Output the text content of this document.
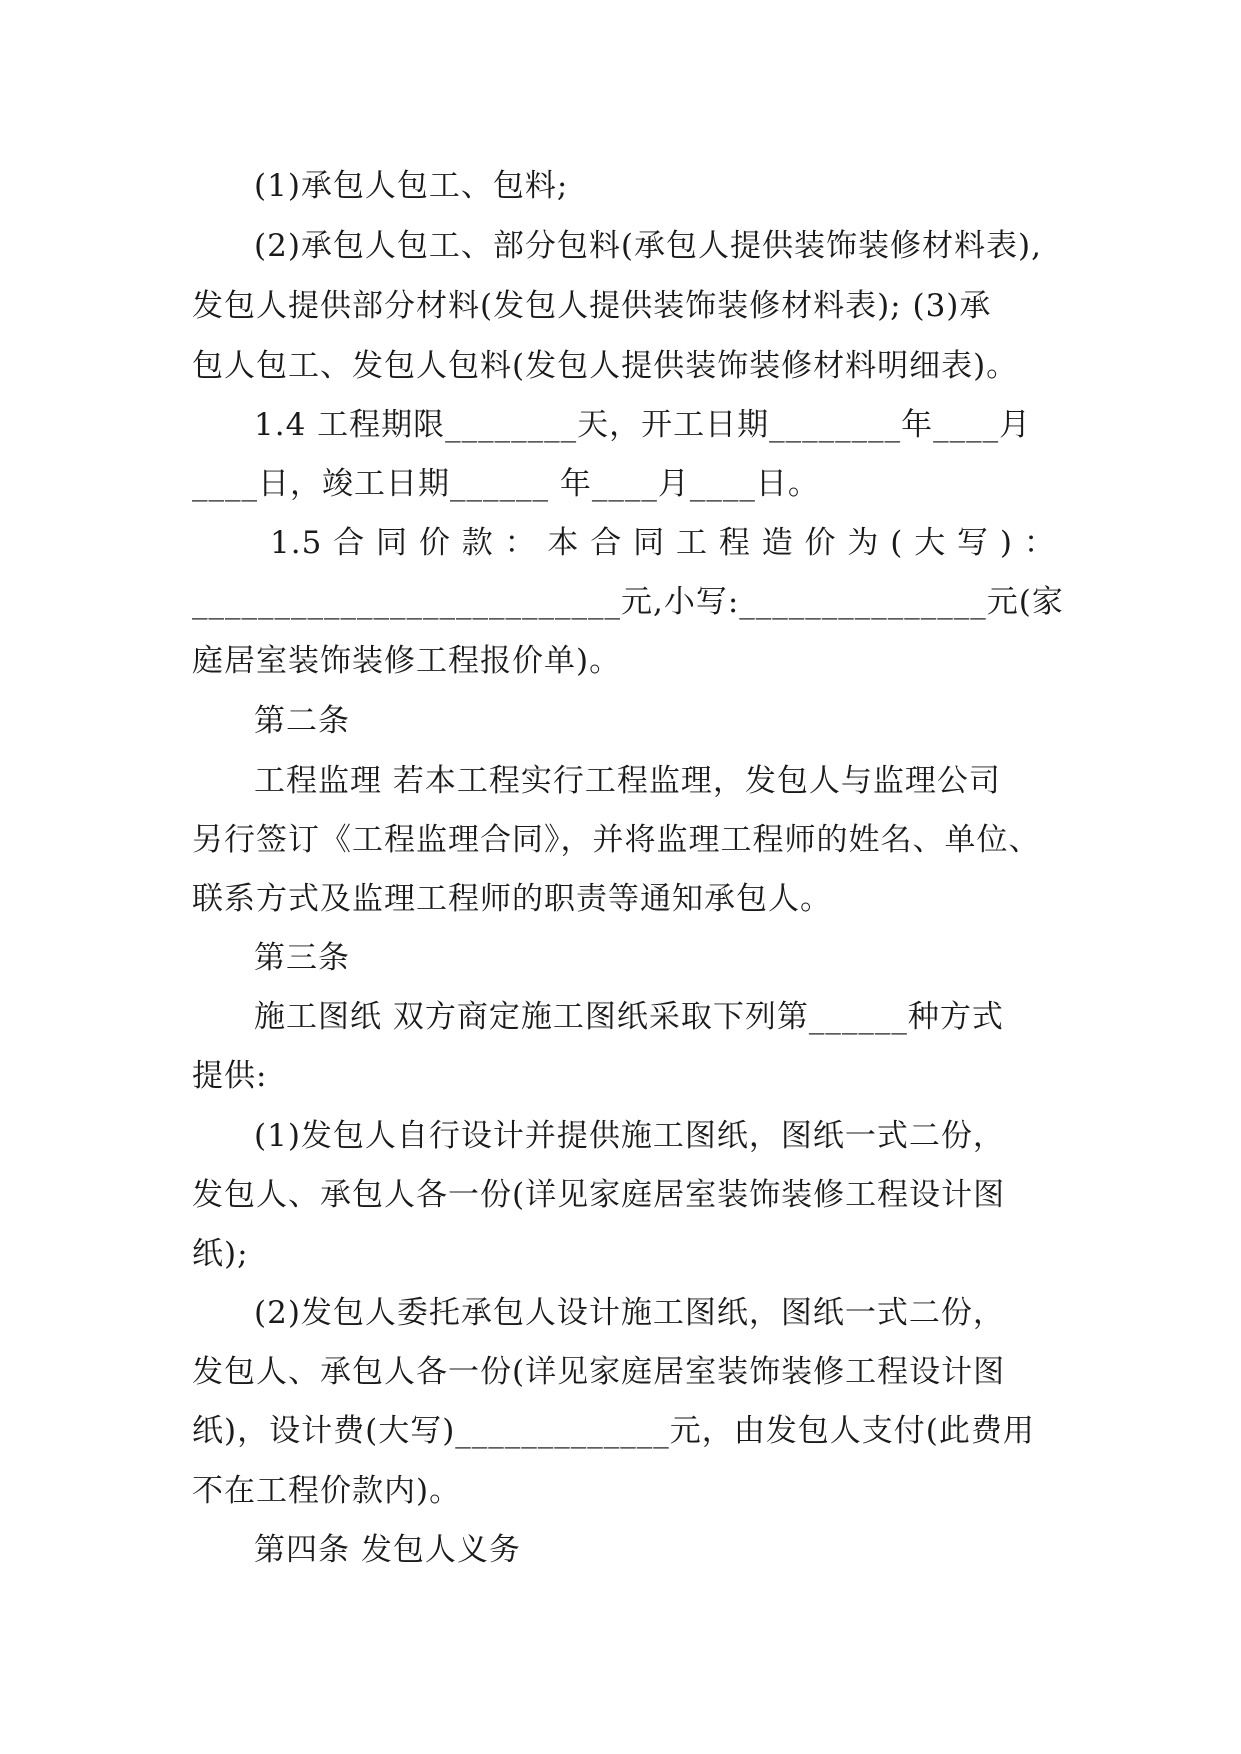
(1)承包人包工、包料;
(2)承包人包工、部分包料(承包人提供装饰装修材料表),
发包人提供部分材料(发包人提供装饰装修材料表); (3)承
包人包工、发包人包料(发包人提供装饰装修材料明细表)。
1.4 工程期限________天，开工日期________年____月
____日，竣工日期______ 年____月____日。
1.5 合 同 价 款 ： 本 合 同 工 程 造 价 为 ( 大 写 ) ：
__________________________元,小写:_______________元(家
庭居室装饰装修工程报价单)。
第二条
工程监理 若本工程实行工程监理，发包人与监理公司
另行签订《工程监理合同》，并将监理工程师的姓名、单位、
联系方式及监理工程师的职责等通知承包人。
第三条
施工图纸 双方商定施工图纸采取下列第______种方式
提供:
(1)发包人自行设计并提供施工图纸，图纸一式二份，
发包人、承包人各一份(详见家庭居室装饰装修工程设计图
纸);
(2)发包人委托承包人设计施工图纸，图纸一式二份，
发包人、承包人各一份(详见家庭居室装饰装修工程设计图
纸)，设计费(大写)_____________元，由发包人支付(此费用
不在工程价款内)。
第四条 发包人义务
